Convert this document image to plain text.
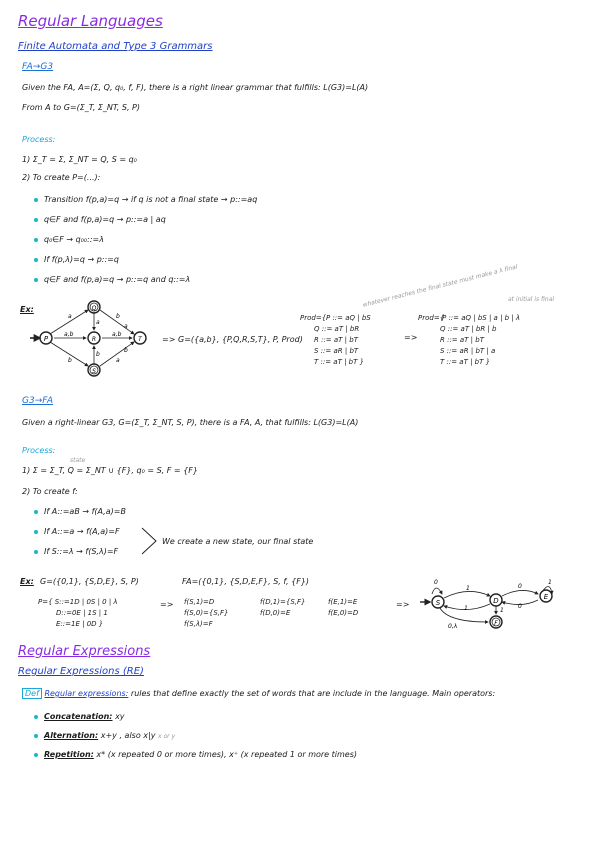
Regular Languages
Finite Automata and Type 3 Grammars
FA→G3
Given the FA, A=(Σ, Q, q₀, f, F), there is a right linear grammar that fulfills: L(G3)=L(A)
From A to G=(Σ_T, Σ_NT, S, P)
Process:
1) Σ_T = Σ, Σ_NT = Q, S = q₀
2) To create P=(...):
Transition f(p,a)=q → if q is not a final state → p::=aq
q∈F and f(p,a)=q → p::=a | aq
q₀∈F → q₀₀::=λ
If f(p,λ)=q → p::=q
q∈F and f(p,a)=q → p::=q and q::=λ
Ex:
P
Q
R
S
T
a
b
a
b
a,b	a,b
a
b
a
b
=> G=({a,b}, {P,Q,R,S,T}, P, Prod)
Prod={ P ::= aQ | bS
Q ::= aT | bR
R ::= aT | bT
S ::= aR | bT
T ::= aT | bT }
whatever reaches the final state must make a λ final
=>
Prod={
P ::= aQ | bS | a | b | λ
Q ::= aT | bR | b
R ::= aT | bT
S ::= aR | bT | a
T ::= aT | bT }
at initial is final
G3→FA
Given a right-linear G3, G=(Σ_T, Σ_NT, S, P), there is a FA, A, that fulfills: L(G3)=L(A)
Process:
state
1) Σ = Σ_T, Q = Σ_NT ∪ {F}, q₀ = S, F = {F}
2) To create f:
If A::=aB → f(A,a)=B
If A::=a → f(A,a)=F
If S::=λ → f(S,λ)=F
We create a new state, our final state
Ex: G=({0,1}, {S,D,E}, S, P)	FA=({0,1}, {S,D,E,F}, S, f, {F})
P={ S::=1D | 0S | 0 | λ
D::=0E | 1S | 1
E::=1E | 0D }
=> f(S,1)=D
f(S,0)={S,F}
f(S,λ)=F
f(D,1)={S,F}
f(D,0)=E
f(E,1)=E
f(E,0)=D
=>	S	D	E
F
0
1
1
0
1
0
0,λ
1
Regular Expressions
Regular Expressions (RE)
Def Regular expressions: rules that define exactly the set of words that are include in the language. Main operators:
Concatenation: xy
Alternation: x+y , also x|y x or y
Repetition: x* (x repeated 0 or more times), x⁺ (x repeated 1 or more times)
